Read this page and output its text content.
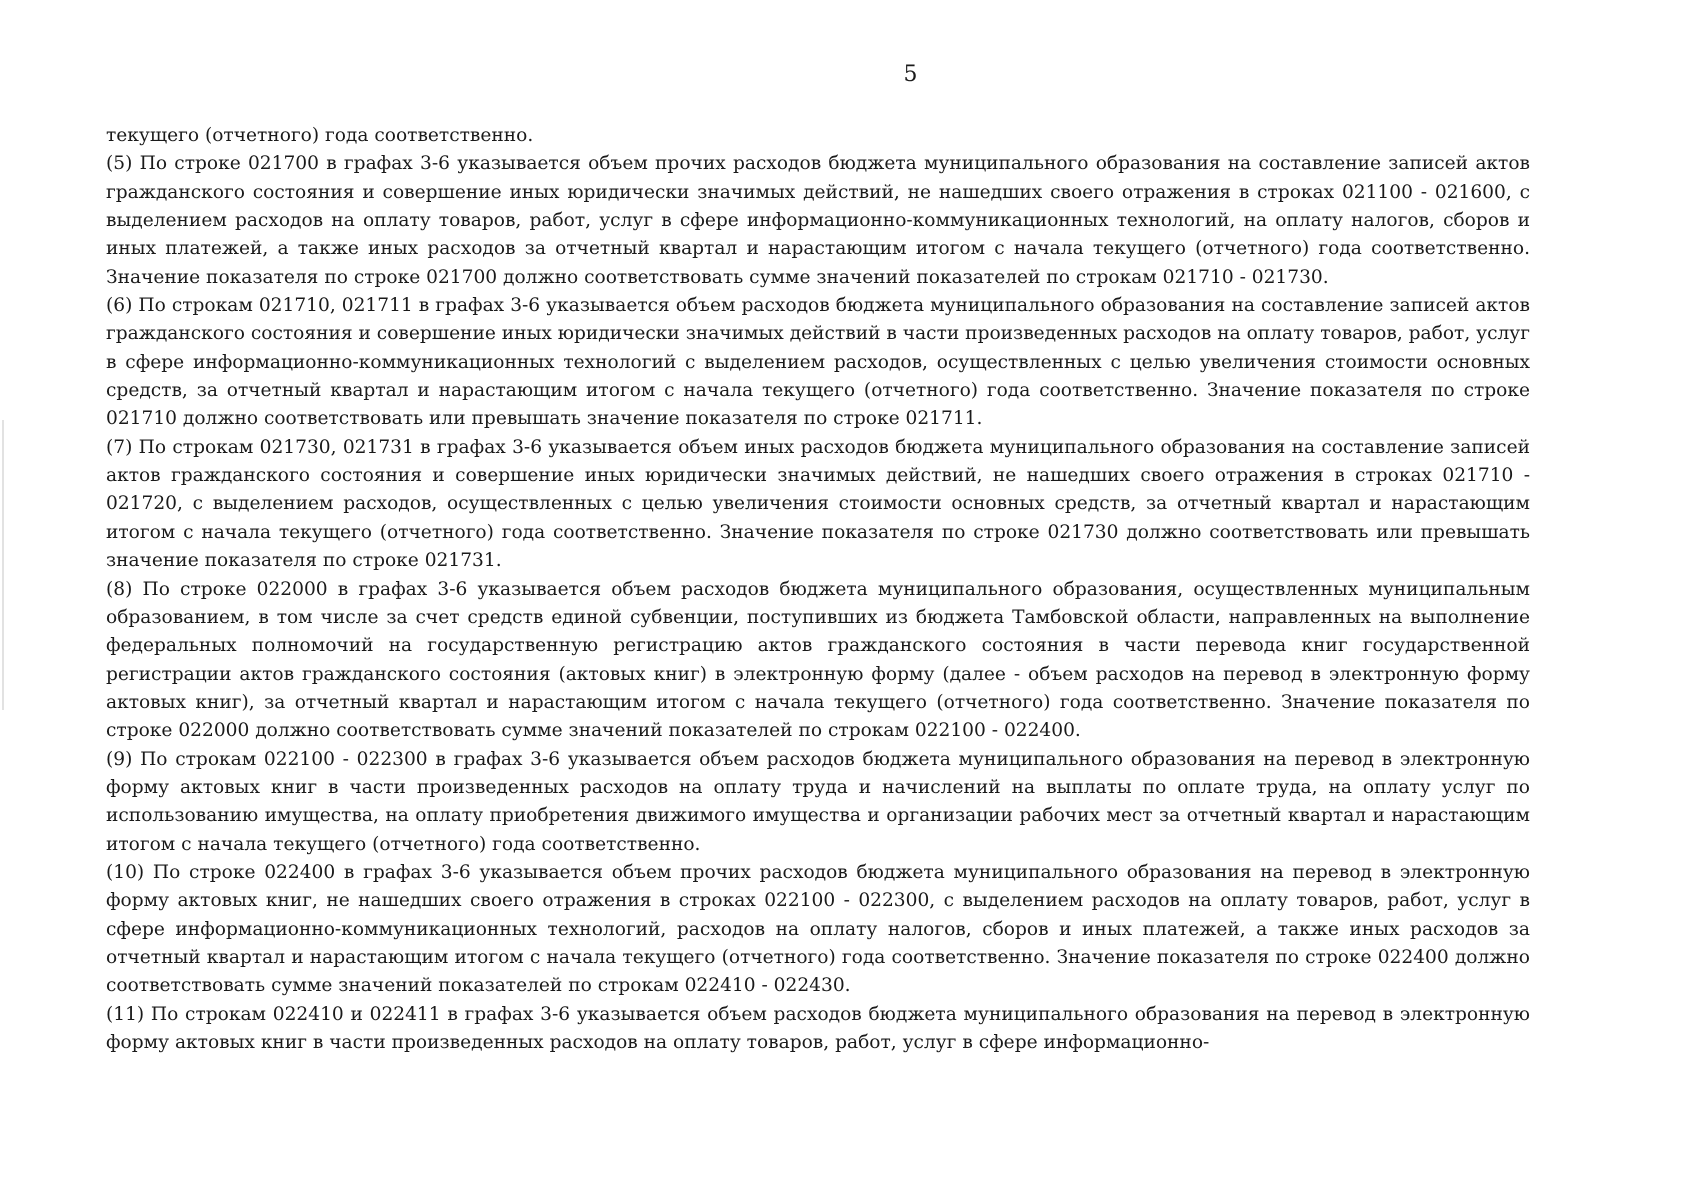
5

текущего (отчетного) года соответственно.

(5) По строке 021700 в графах 3-6 указывается объем прочих расходов бюджета муниципального образования на составление записей актов гражданского состояния и совершение иных юридически значимых действий, не нашедших своего отражения в строках 021100 - 021600, с выделением расходов на оплату товаров, работ, услуг в сфере информационно-коммуникационных технологий, на оплату налогов, сборов и иных платежей, а также иных расходов за отчетный квартал и нарастающим итогом с начала текущего (отчетного) года соответственно. Значение показателя по строке 021700 должно соответствовать сумме значений показателей по строкам 021710 - 021730.

(6) По строкам 021710, 021711 в графах 3-6 указывается объем расходов бюджета муниципального образования на составление записей актов гражданского состояния и совершение иных юридически значимых действий в части произведенных расходов на оплату товаров, работ, услуг в сфере информационно-коммуникационных технологий с выделением расходов, осуществленных с целью увеличения стоимости основных средств, за отчетный квартал и нарастающим итогом с начала текущего (отчетного) года соответственно. Значение показателя по строке 021710 должно соответствовать или превышать значение показателя по строке 021711.

(7) По строкам 021730, 021731 в графах 3-6 указывается объем иных расходов бюджета муниципального образования на составление записей актов гражданского состояния и совершение иных юридически значимых действий, не нашедших своего отражения в строках 021710 - 021720, с выделением расходов, осуществленных с целью увеличения стоимости основных средств, за отчетный квартал и нарастающим итогом с начала текущего (отчетного) года соответственно. Значение показателя по строке 021730 должно соответствовать или превышать значение показателя по строке 021731.

(8) По строке 022000 в графах 3-6 указывается объем расходов бюджета муниципального образования, осуществленных муниципальным образованием, в том числе за счет средств единой субвенции, поступивших из бюджета Тамбовской области, направленных на выполнение федеральных полномочий на государственную регистрацию актов гражданского состояния в части перевода книг государственной регистрации актов гражданского состояния (актовых книг) в электронную форму (далее - объем расходов на перевод в электронную форму актовых книг), за отчетный квартал и нарастающим итогом с начала текущего (отчетного) года соответственно. Значение показателя по строке 022000 должно соответствовать сумме значений показателей по строкам 022100 - 022400.

(9) По строкам 022100 - 022300 в графах 3-6 указывается объем расходов бюджета муниципального образования на перевод в электронную форму актовых книг в части произведенных расходов на оплату труда и начислений на выплаты по оплате труда, на оплату услуг по использованию имущества, на оплату приобретения движимого имущества и организации рабочих мест за отчетный квартал и нарастающим итогом с начала текущего (отчетного) года соответственно.

(10) По строке 022400 в графах 3-6 указывается объем прочих расходов бюджета муниципального образования на перевод в электронную форму актовых книг, не нашедших своего отражения в строках 022100 - 022300, с выделением расходов на оплату товаров, работ, услуг в сфере информационно-коммуникационных технологий, расходов на оплату налогов, сборов и иных платежей, а также иных расходов за отчетный квартал и нарастающим итогом с начала текущего (отчетного) года соответственно. Значение показателя по строке 022400 должно соответствовать сумме значений показателей по строкам 022410 - 022430.

(11) По строкам 022410 и 022411 в графах 3-6 указывается объем расходов бюджета муниципального образования на перевод в электронную форму актовых книг в части произведенных расходов на оплату товаров, работ, услуг в сфере информационно-
